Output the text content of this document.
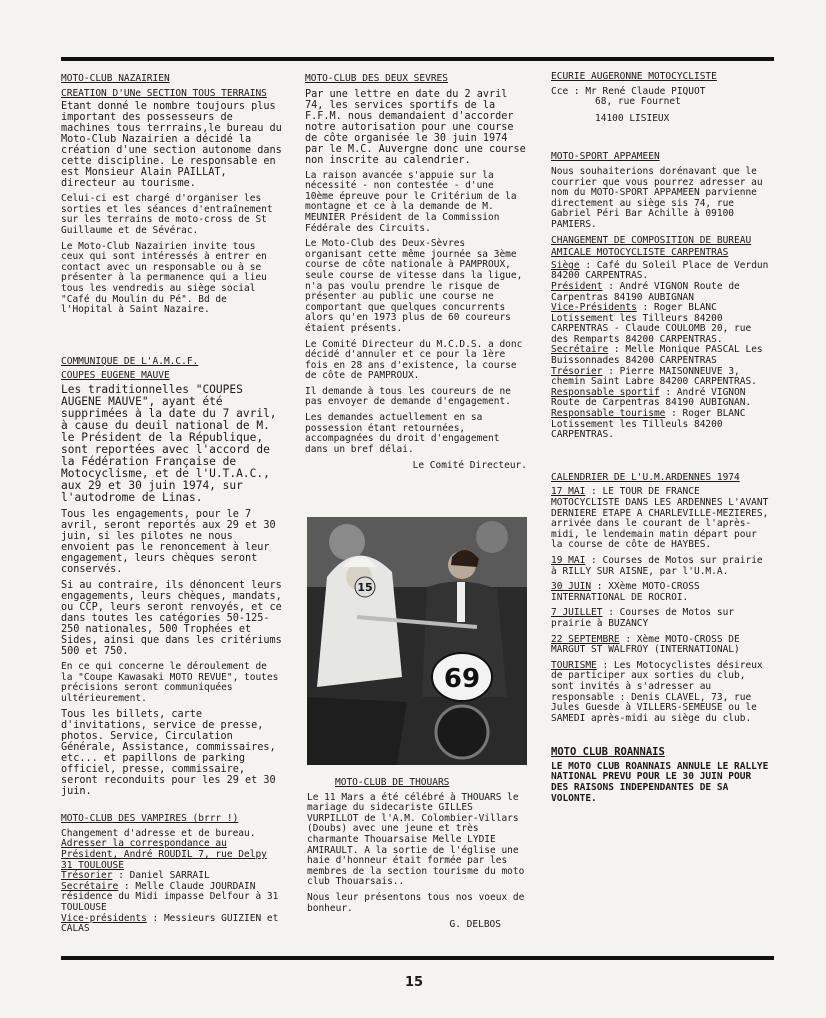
MOTO-CLUB NAZAIRIEN
CREATION D'UNe SECTION TOUS TERRAINS

Etant donné le nombre toujours plus important des possesseurs de machines tous terrrains,le bureau du Moto-Club Nazairien a décidé la création d'une section autonome dans cette discipline. Le responsable en est Monsieur Alain PAILLAT, directeur au tourisme.

Celui-ci est chargé d'organiser les sorties et les séances d'entraînement sur les terrains de moto-cross de St Guillaume et de Sévérac.

Le Moto-Club Nazairien invite tous ceux qui sont intéressés à entrer en contact avec un responsable ou à se présenter à la permanence qui a lieu tous les vendredis au siège social "Café du Moulin du Pé". Bd de l'Hopital à Saint Nazaire.

COMMUNIQUE DE L'A.M.C.F.
COUPES EUGENE MAUVE

Les traditionnelles "COUPES AUGENE MAUVE", ayant été supprimées à la date du 7 avril, à cause du deuil national de M. le Président de la République, sont reportées avec l'accord de la Fédération Française de Motocyclisme, et de l'U.T.A.C., aux 29 et 30 juin 1974, sur l'autodrome de Linas.

Tous les engagements, pour le 7 avril, seront reportés aux 29 et 30 juin, si les pilotes ne nous envoient pas le renoncement à leur engagement, leurs chèques seront conservés.

Si au contraire, ils dénoncent leurs engagements, leurs chèques, mandats, ou CCP, leurs seront renvoyés, et ce dans toutes les catégories 50-125-250 nationales, 500 Trophées et Sides, ainsi que dans les critériums 500 et 750.

En ce qui concerne le déroulement de la "Coupe Kawasaki MOTO REVUE", toutes précisions seront communiquées ultérieurement.

Tous les billets, carte d'invitations, service de presse, photos. Service, Circulation Générale, Assistance, commissaires, etc... et papillons de parking officiel, presse, commissaire, seront reconduits pour les 29 et 30 juin.

MOTO-CLUB DES VAMPIRES (brrr !)
Changement d'adresse et de bureau.
Adresser la correspondance au Président, André ROUDIL 7, rue Delpy 31 TOULOUSE
Trésorier : Daniel SARRAIL
Secrétaire : Melle Claude JOURDAIN résidence du Midi impasse Delfour à 31 TOULOUSE
Vice-présidents : Messieurs GUIZIEN et CALAS
MOTO-CLUB DES DEUX SEVRES

Par une lettre en date du 2 avril 74, les services sportifs de la F.F.M. nous demandaient d'accorder notre autorisation pour une course de côte organisée le 30 juin 1974 par le M.C. Auvergne donc une course non inscrite au calendrier.

La raison avancée s'appuie sur la nécessité - non contestée - d'une 10ème épreuve pour le Critérium de la montagne et ce à la demande de M. MEUNIER Président de la Commission Fédérale des Circuits.

Le Moto-Club des Deux-Sèvres organisant cette même journée sa 3ème course de côte nationale à PAMPROUX, seule course de vitesse dans la ligue, n'a pas voulu prendre le risque de présenter au public une course ne comportant que quelques concurrents alors qu'en 1973 plus de 60 coureurs étaient présents.

Le Comité Directeur du M.C.D.S. a donc décidé d'annuler et ce pour la 1ère fois en 28 ans d'existence, la course de côte de PAMPROUX.

Il demande à tous les coureurs de ne pas envoyer de demande d'engagement.

Les demandes actuellement en sa possession étant retournées, accompagnées du droit d'engagement dans un bref délai.

Le Comité Directeur.
15
69
MOTO-CLUB DE THOUARS

Le 11 Mars a été célébré à THOUARS le mariage du sidecariste GILLES VURPILLOT de l'A.M. Colombier-Villars (Doubs) avec une jeune et très charmante Thouarsaise Melle LYDIE AMIRAULT. A la sortie de l'église une haie d'honneur était formée par les membres de la section tourisme du moto club Thouarsais..

Nous leur présentons tous nos voeux de bonheur.

G. DELBOS
ECURIE AUGERONNE MOTOCYCLISTE
Cce : Mr René Claude PIQUOT
68, rue Fournet
14100 LISIEUX
MOTO-SPORT APPAMEEN

Nous souhaiterions dorénavant que le courrier que vous pourrez adresser au nom du MOTO-SPORT APPAMEEN parvienne directement au siège sis 74, rue Gabriel Péri Bar Achille à 09100 PAMIERS.

CHANGEMENT DE COMPOSITION DE BUREAU
AMICALE MOTOCYCLISTE CARPENTRAS
Siège : Café du Soleil Place de Verdun 84200 CARPENTRAS.
Président : André VIGNON Route de Carpentras 84190 AUBIGNAN
Vice-Présidents : Roger BLANC Lotissement les Tilleurs 84200 CARPENTRAS - Claude COULOMB 20, rue des Remparts 84200 CARPENTRAS.
Secrétaire : Melle Monique PASCAL Les Buissonnades 84200 CARPENTRAS
Trésorier : Pierre MAISONNEUVE 3, chemin Saint Labre 84200 CARPENTRAS.
Responsable sportif : André VIGNON Route de Carpentras 84190 AUBIGNAN.
Responsable tourisme : Roger BLANC Lotissement les Tilleuls 84200 CARPENTRAS.
CALENDRIER DE L'U.M.ARDENNES 1974

17 MAI : LE TOUR DE FRANCE MOTOCYCLISTE DANS LES ARDENNES L'AVANT DERNIERE ETAPE A CHARLEVILLE-MEZIERES, arrivée dans le courant de l'après-midi, le lendemain matin départ pour la course de côte de HAYBES.

19 MAI : Courses de Motos sur prairie à RILLY SUR AISNE, par l'U.M.A.

30 JUIN : XXème MOTO-CROSS INTERNATIONAL DE ROCROI.

7 JUILLET : Courses de Motos sur prairie à BUZANCY

22 SEPTEMBRE : Xème MOTO-CROSS DE MARGUT ST WALFROY (INTERNATIONAL)

TOURISME : Les Motocyclistes désireux de participer aux sorties du club, sont invités à s'adresser au responsable : Denis CLAVEL, 73, rue Jules Guesde à VILLERS-SEMEUSE ou le SAMEDI après-midi au siège du club.

MOTO CLUB ROANNAIS

LE MOTO CLUB ROANNAIS ANNULE LE RALLYE NATIONAL PREVU POUR LE 30 JUIN POUR DES RAISONS INDEPENDANTES DE SA VOLONTE.

15
